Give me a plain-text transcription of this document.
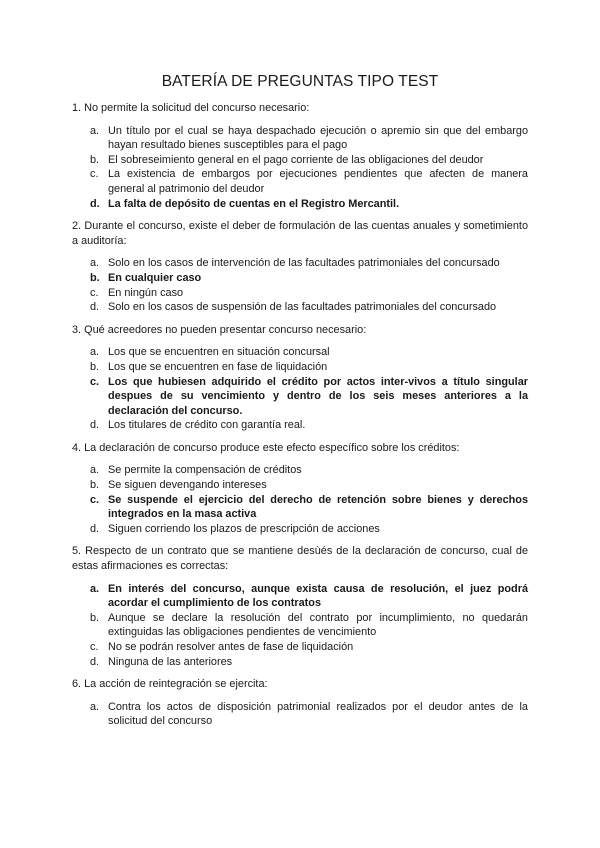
BATERÍA DE PREGUNTAS TIPO TEST

1. No permite la solicitud del concurso necesario:

a. Un título por el cual se haya despachado ejecución o apremio sin que del embargo hayan resultado bienes susceptibles para el pago
b. El sobreseimiento general en el pago corriente de las obligaciones del deudor
c. La existencia de embargos por ejecuciones pendientes que afecten de manera general al patrimonio del deudor
d. La falta de depósito de cuentas en el Registro Mercantil.

2. Durante el concurso, existe el deber de formulación de las cuentas anuales y sometimiento a auditoría:

a. Solo en los casos de intervención de las facultades patrimoniales del concursado
b. En cualquier caso
c. En ningún caso
d. Solo en los casos de suspensión de las facultades patrimoniales del concursado

3. Qué acreedores no pueden presentar concurso necesario:

a. Los que se encuentren en situación concursal
b. Los que se encuentren en fase de liquidación
c. Los que hubiesen adquirido el crédito por actos inter-vivos a título singular despues de su vencimiento y dentro de los seis meses anteriores a la declaración del concurso.
d. Los titulares de crédito con garantía real.

4. La declaración de concurso produce este efecto específico sobre los créditos:

a. Se permite la compensación de créditos
b. Se siguen devengando intereses
c. Se suspende el ejercicio del derecho de retención sobre bienes y derechos integrados en la masa activa
d. Siguen corriendo los plazos de prescripción de acciones

5. Respecto de un contrato que se mantiene desùés de la declaración de concurso, cual de estas afirmaciones es correctas:

a. En interés del concurso, aunque exista causa de resolución, el juez podrá acordar el cumplimiento de los contratos
b. Aunque se declare la resolución del contrato por incumplimiento, no quedarán extinguidas las obligaciones pendientes de vencimiento
c. No se podrán resolver antes de fase de liquidación
d. Ninguna de las anteriores

6. La acción de reintegración se ejercita:

a. Contra los actos de disposición patrimonial realizados por el deudor antes de la solicitud del concurso
